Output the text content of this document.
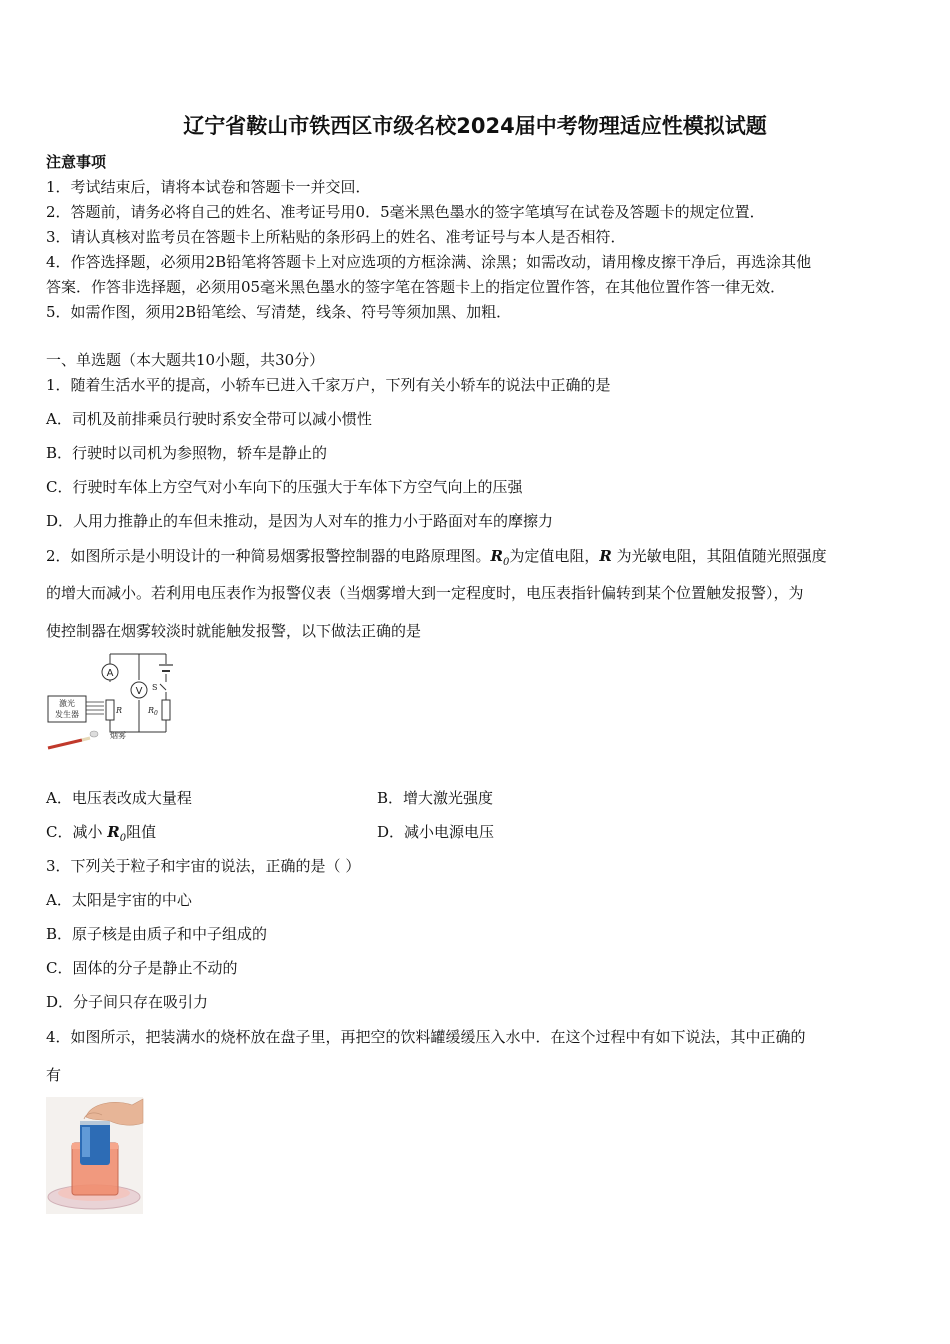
辽宁省鞍山市铁西区市级名校2024届中考物理适应性模拟试题
注意事项
1．考试结束后，请将本试卷和答题卡一并交回．
2．答题前，请务必将自己的姓名、准考证号用0．5毫米黑色墨水的签字笔填写在试卷及答题卡的规定位置．
3．请认真核对监考员在答题卡上所粘贴的条形码上的姓名、准考证号与本人是否相符．
4．作答选择题，必须用2B铅笔将答题卡上对应选项的方框涂满、涂黑；如需改动，请用橡皮擦干净后，再选涂其他
答案．作答非选择题，必须用05毫米黑色墨水的签字笔在答题卡上的指定位置作答，在其他位置作答一律无效．
5．如需作图，须用2B铅笔绘、写清楚，线条、符号等须加黑、加粗．
一、单选题（本大题共10小题，共30分）
1．随着生活水平的提高，小轿车已进入千家万户，下列有关小轿车的说法中正确的是
A．司机及前排乘员行驶时系安全带可以减小惯性
B．行驶时以司机为参照物，轿车是静止的
C．行驶时车体上方空气对小车向下的压强大于车体下方空气向上的压强
D．人用力推静止的车但未推动，是因为人对车的推力小于路面对车的摩擦力
2．如图所示是小明设计的一种简易烟雾报警控制器的电路原理图。$R_0$为定值电阻，R 为光敏电阻，其阻值随光照强度
的增大而减小。若利用电压表作为报警仪表（当烟雾增大到一定程度时，电压表指针偏转到某个位置触发报警），为
使控制器在烟雾较淡时就能触发报警，以下做法正确的是
A
V S
R	$R_0$
激光
发生器
烟雾
A．电压表改成大量程	B．增大激光强度
C．减小 $R_0$阻值	D．减小电源电压
3．下列关于粒子和宇宙的说法，正确的是（ ）
A．太阳是宇宙的中心
B．原子核是由质子和中子组成的
C．固体的分子是静止不动的
D．分子间只存在吸引力
4．如图所示，把装满水的烧杯放在盘子里，再把空的饮料罐缓缓压入水中．在这个过程中有如下说法，其中正确的
有
